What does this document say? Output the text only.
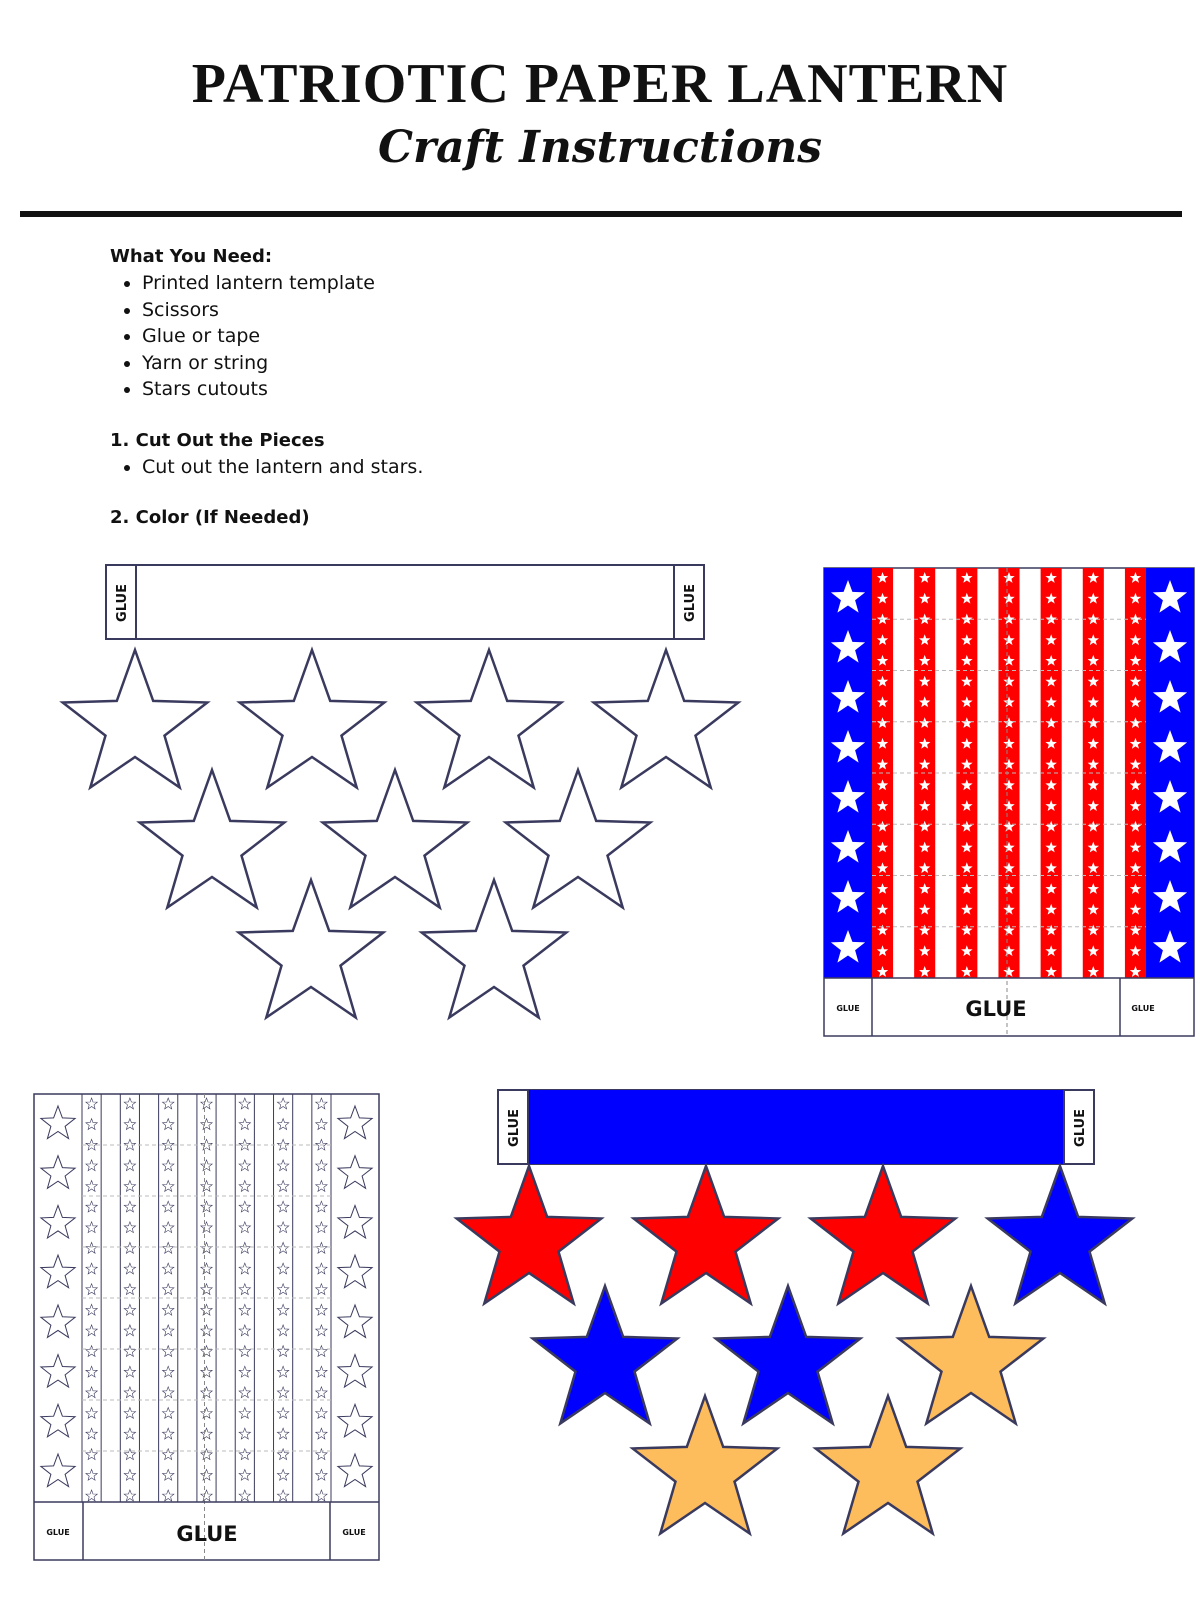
PATRIOTIC PAPER LANTERN
Craft Instructions
What You Need:
• Printed lantern template
• Scissors
• Glue or tape
• Yarn or string
• Stars cutouts
1. Cut Out the Pieces
• Cut out the lantern and stars.
2. Color (If Needed)
GLUE	GLUE
GLUE	GLUE	GLUE
GLUE	GLUE	GLUE
GLUE	GLUE
